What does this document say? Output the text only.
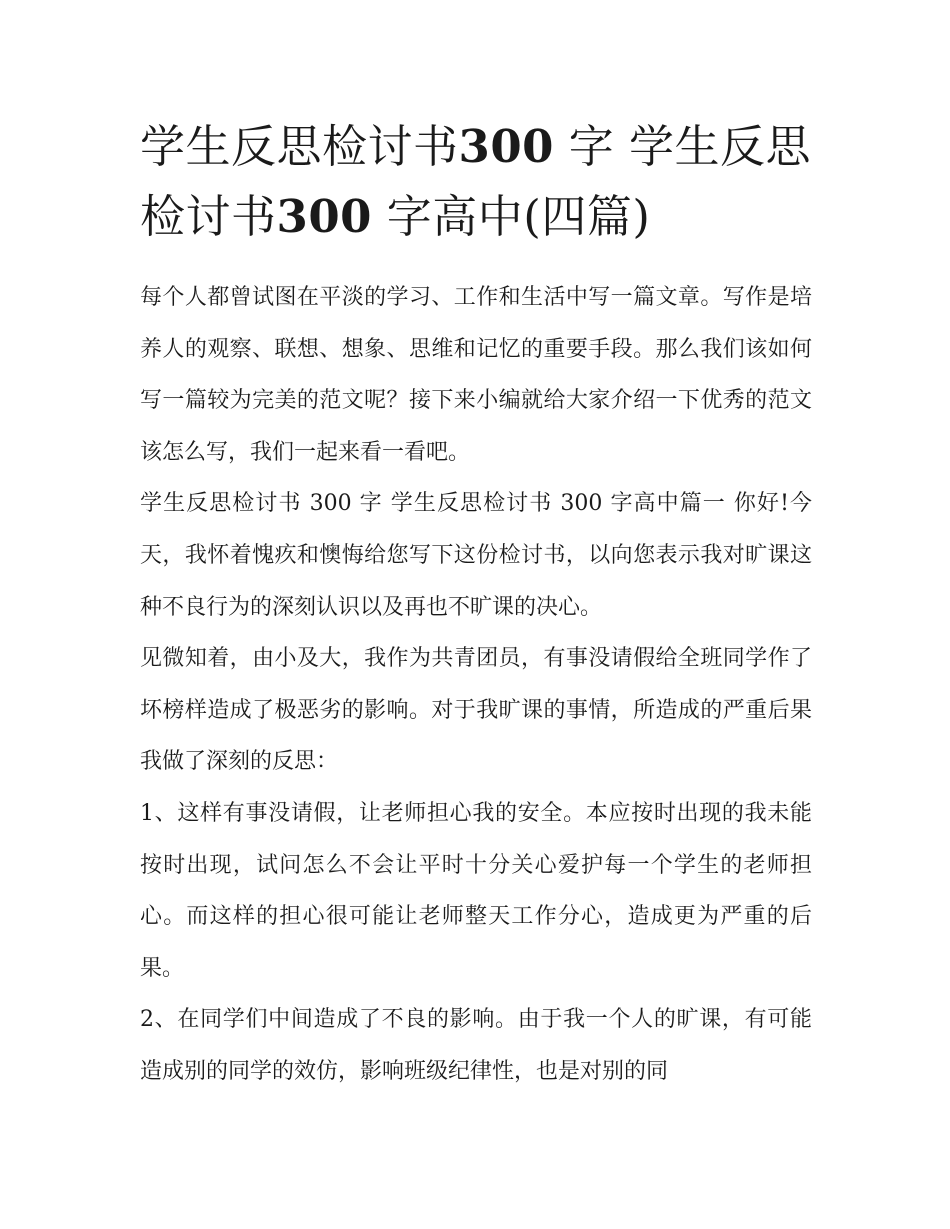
学生反思检讨书300 字 学生反思检讨书300 字高中(四篇)

每个人都曾试图在平淡的学习、工作和生活中写一篇文章。写作是培养人的观察、联想、想象、思维和记忆的重要手段。那么我们该如何写一篇较为完美的范文呢？接下来小编就给大家介绍一下优秀的范文该怎么写，我们一起来看一看吧。

学生反思检讨书 300 字 学生反思检讨书 300 字高中篇一 你好!今天，我怀着愧疚和懊悔给您写下这份检讨书，以向您表示我对旷课这种不良行为的深刻认识以及再也不旷课的决心。

见微知着，由小及大，我作为共青团员，有事没请假给全班同学作了坏榜样造成了极恶劣的影响。对于我旷课的事情，所造成的严重后果我做了深刻的反思：

1、这样有事没请假，让老师担心我的安全。本应按时出现的我未能按时出现，试问怎么不会让平时十分关心爱护每一个学生的老师担心。而这样的担心很可能让老师整天工作分心，造成更为严重的后果。

2、在同学们中间造成了不良的影响。由于我一个人的旷课，有可能造成别的同学的效仿，影响班级纪律性，也是对别的同
